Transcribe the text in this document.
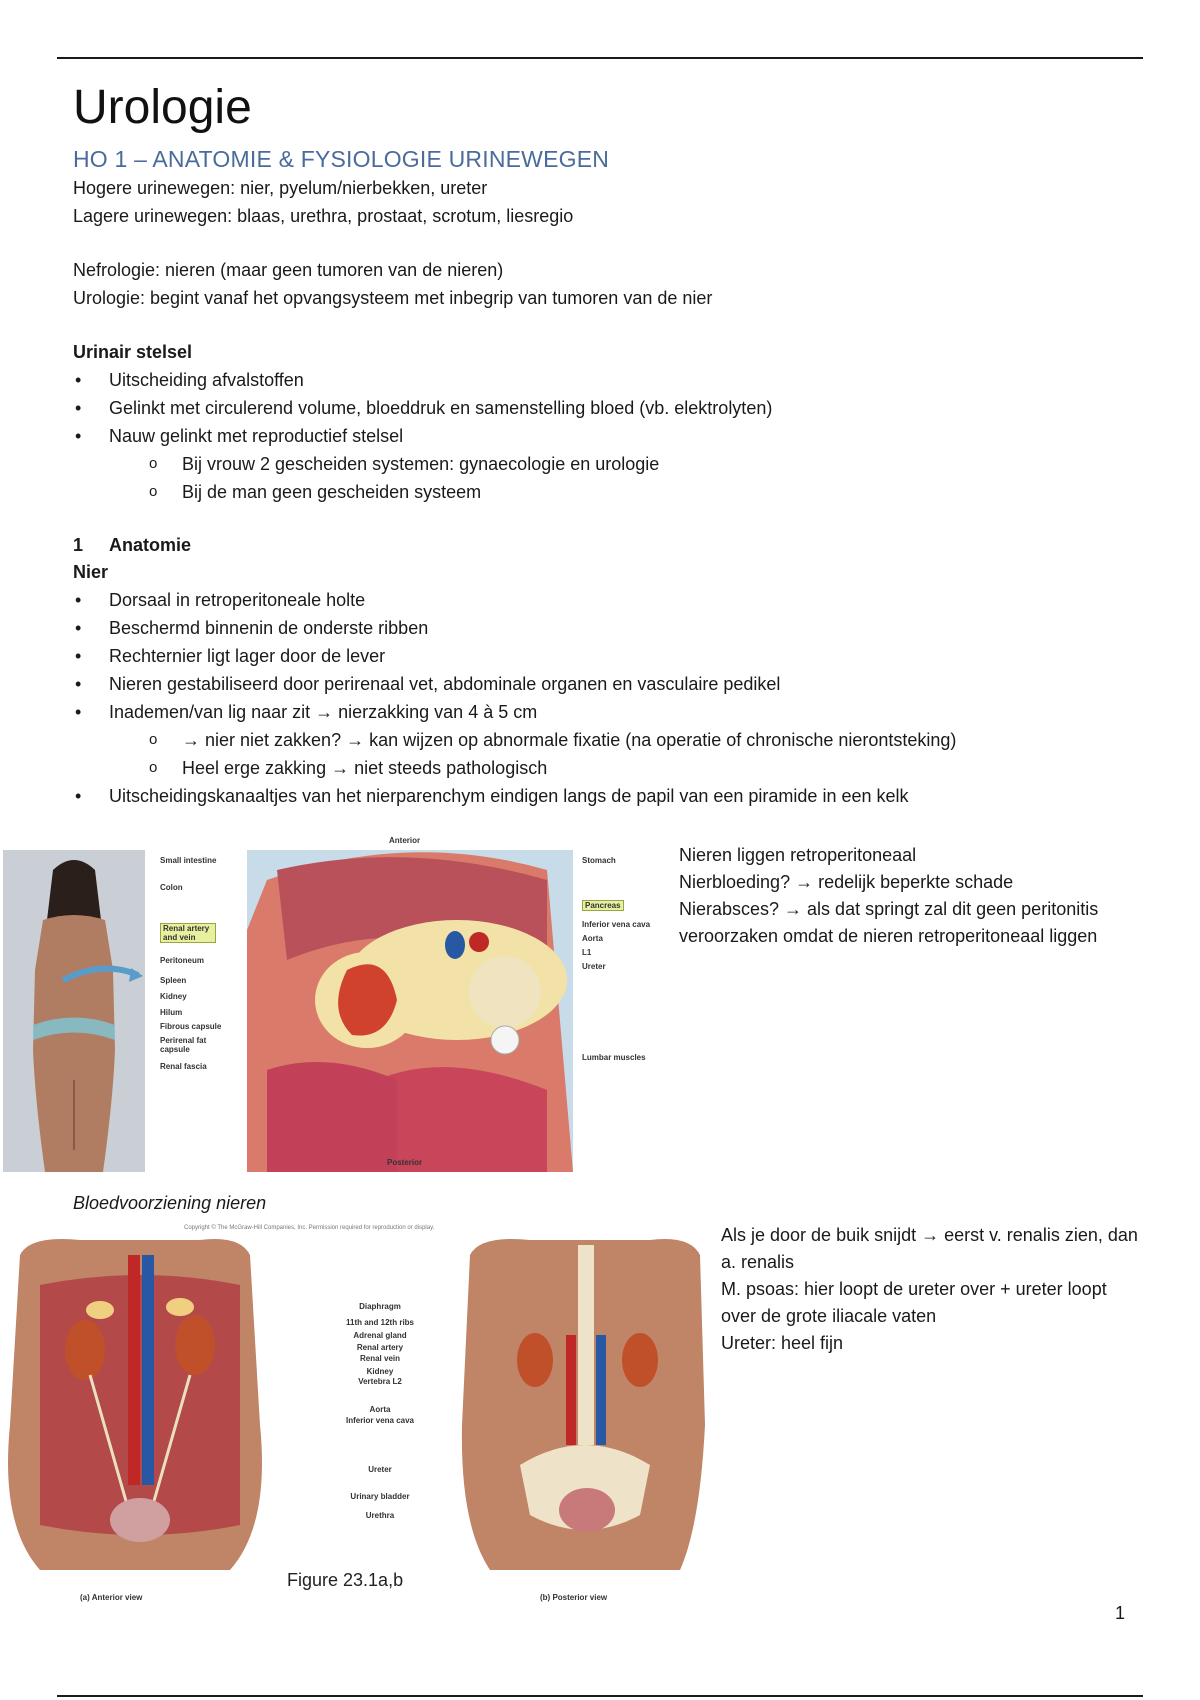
Urologie
HO 1 – ANATOMIE & FYSIOLOGIE URINEWEGEN
Hogere urinewegen: nier, pyelum/nierbekken, ureter
Lagere urinewegen: blaas, urethra, prostaat, scrotum, liesregio
Nefrologie: nieren (maar geen tumoren van de nieren)
Urologie: begint vanaf het opvangsysteem met inbegrip van tumoren van de nier
Urinair stelsel
• Uitscheiding afvalstoffen
• Gelinkt met circulerend volume, bloeddruk en samenstelling bloed (vb. elektrolyten)
• Nauw gelinkt met reproductief stelsel
o Bij vrouw 2 gescheiden systemen: gynaecologie en urologie
o Bij de man geen gescheiden systeem
1 Anatomie
Nier
• Dorsaal in retroperitoneale holte
• Beschermd binnenin de onderste ribben
• Rechternier ligt lager door de lever
• Nieren gestabiliseerd door perirenaal vet, abdominale organen en vasculaire pedikel
• Inademen/van lig naar zit → nierzakking van 4 à 5 cm
o → nier niet zakken? → kan wijzen op abnormale fixatie (na operatie of chronische nierontsteking)
o Heel erge zakking → niet steeds pathologisch
• Uitscheidingskanaaltjes van het nierparenchym eindigen langs de papil van een piramide in een kelk
Small intestine
Colon
Renal artery and vein
Peritoneum
Spleen
Kidney
Hilum
Fibrous capsule
Perirenal fat capsule
Renal fascia
Anterior
Posterior
Stomach
Pancreas
Inferior vena cava
Aorta
L1
Ureter
Lumbar muscles
Nieren liggen retroperitoneaal
Nierbloeding? → redelijk beperkte schade
Nierabsces? → als dat springt zal dit geen peritonitis veroorzaken omdat de nieren retroperitoneaal liggen
Bloedvoorziening nieren
Copyright © The McGraw-Hill Companies, Inc. Permission required for reproduction or display.
Diaphragm
11th and 12th ribs
Adrenal gland
Renal artery
Renal vein
Kidney
Vertebra L2
Aorta
Inferior vena cava
Ureter
Urinary bladder
Urethra
Figure 23.1a,b
(a) Anterior view	(b) Posterior view
Als je door de buik snijdt → eerst v. renalis zien, dan a. renalis
M. psoas: hier loopt de ureter over + ureter loopt over de grote iliacale vaten
Ureter: heel fijn
1
